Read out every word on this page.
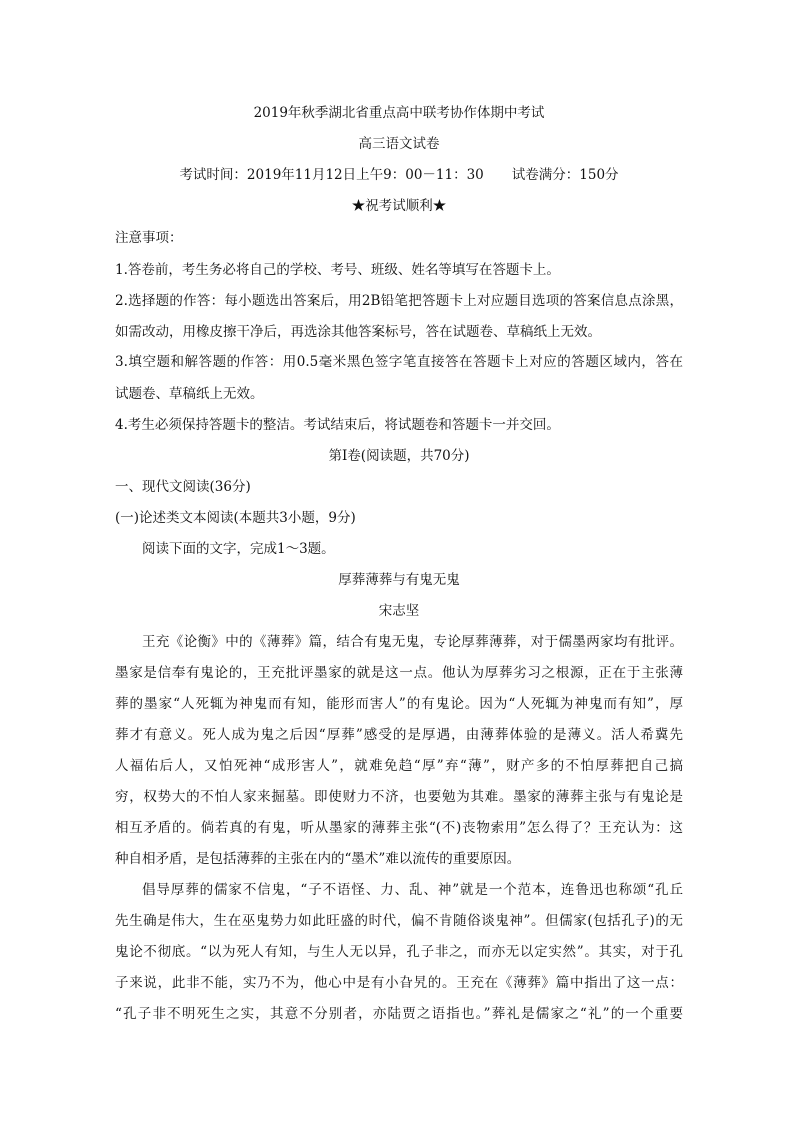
2019年秋季湖北省重点高中联考协作体期中考试
高三语文试卷
考试时间：2019年11月12日上午9：00－11：30 试卷满分：150分
★祝考试顺利★
注意事项：
1.答卷前，考生务必将自己的学校、考号、班级、姓名等填写在答题卡上。
2.选择题的作答：每小题选出答案后，用2B铅笔把答题卡上对应题目选项的答案信息点涂黑，
如需改动，用橡皮擦干净后，再选涂其他答案标号，答在试题卷、草稿纸上无效。
3.填空题和解答题的作答：用0.5毫米黑色签字笔直接答在答题卡上对应的答题区域内，答在
试题卷、草稿纸上无效。
4.考生必须保持答题卡的整洁。考试结束后，将试题卷和答题卡一并交回。
第Ⅰ卷(阅读题，共70分)
一、现代文阅读(36分)
(一)论述类文本阅读(本题共3小题，9分)
阅读下面的文字，完成1～3题。
厚葬薄葬与有鬼无鬼
宋志坚
王充《论衡》中的《薄葬》篇，结合有鬼无鬼，专论厚葬薄葬，对于儒墨两家均有批评。
墨家是信奉有鬼论的，王充批评墨家的就是这一点。他认为厚葬劣习之根源，正在于主张薄
葬的墨家“人死辄为神鬼而有知，能形而害人”的有鬼论。因为“人死辄为神鬼而有知”，厚
葬才有意义。死人成为鬼之后因“厚葬”感受的是厚遇，由薄葬体验的是薄义。活人希冀先
人福佑后人，又怕死神“成形害人”，就难免趋“厚”弃“薄”，财产多的不怕厚葬把自己搞
穷，权势大的不怕人家来掘墓。即使财力不济，也要勉为其难。墨家的薄葬主张与有鬼论是
相互矛盾的。倘若真的有鬼，听从墨家的薄葬主张“(不)丧物索用”怎么得了？王充认为：这
种自相矛盾，是包括薄葬的主张在内的“墨术”难以流传的重要原因。
倡导厚葬的儒家不信鬼，“子不语怪、力、乱、神”就是一个范本，连鲁迅也称颂“孔丘
先生确是伟大，生在巫鬼势力如此旺盛的时代，偏不肯随俗谈鬼神”。但儒家(包括孔子)的无
鬼论不彻底。“以为死人有知，与生人无以异，孔子非之，而亦无以定实然”。其实，对于孔
子来说，此非不能，实乃不为，他心中是有小旮旯的。王充在《薄葬》篇中指出了这一点：
“孔子非不明死生之实，其意不分别者，亦陆贾之语指也。”葬礼是儒家之“礼”的一个重要
